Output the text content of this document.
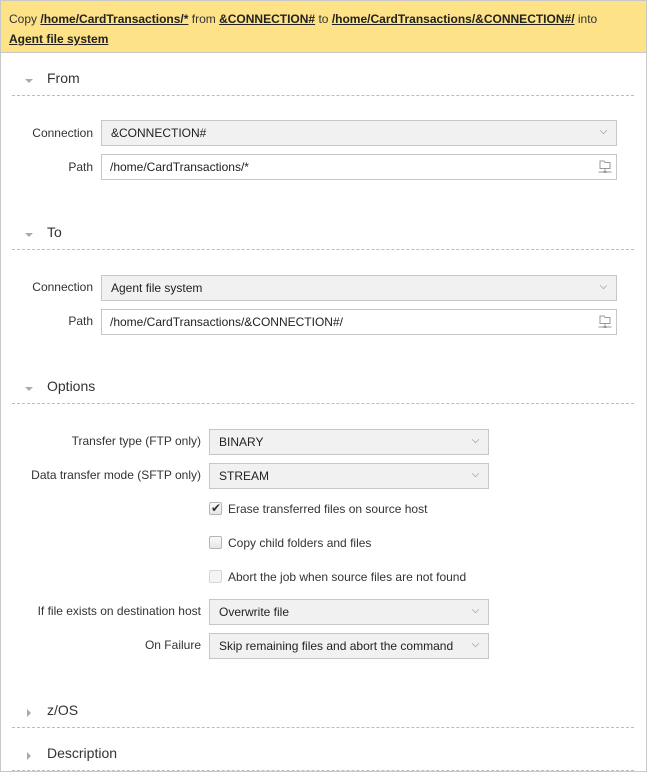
Copy /home/CardTransactions/* from &CONNECTION# to /home/CardTransactions/&CONNECTION#/ into
Agent file system
From
Connection	&CONNECTION#
Path	/home/CardTransactions/*
To
Connection	Agent file system
Path	/home/CardTransactions/&CONNECTION#/
Options
Transfer type (FTP only)	BINARY
Data transfer mode (SFTP only)	STREAM
✔ Erase transferred files on source host
Copy child folders and files
Abort the job when source files are not found
If file exists on destination host	Overwrite file
On Failure	Skip remaining files and abort the command
z/OS
Description
